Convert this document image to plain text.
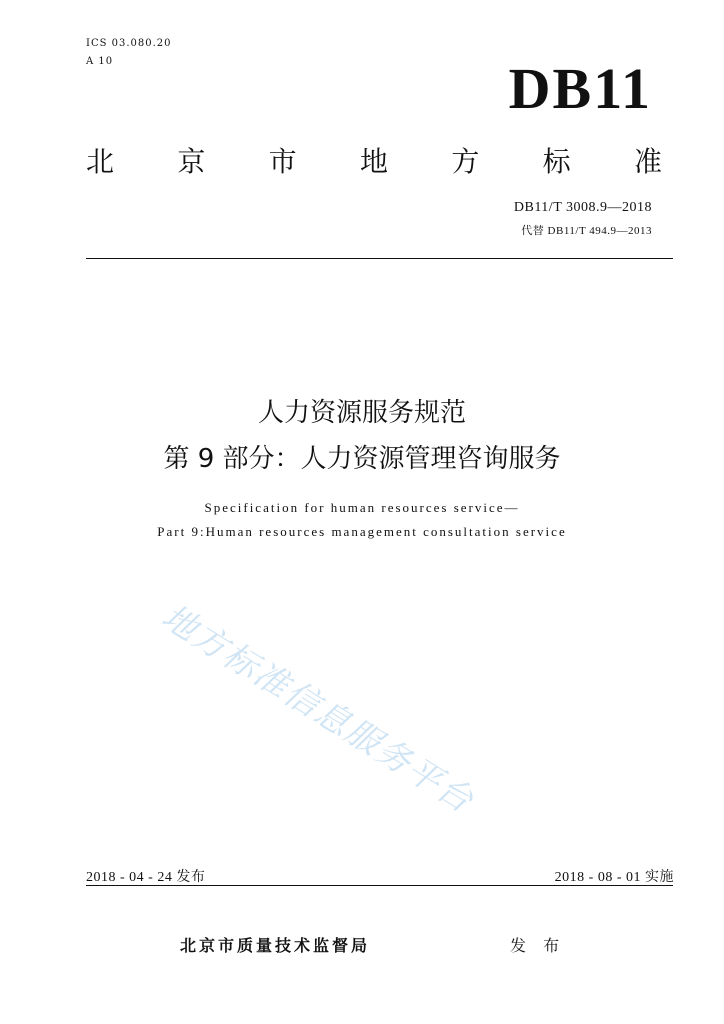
ICS 03.080.20
A 10	DB11
北 京 市 地 方 标 准
DB11/T 3008.9—2018
代替 DB11/T 494.9—2013
人力资源服务规范
第 9 部分：人力资源管理咨询服务
Specification for human resources service—
Part 9:Human resources management consultation service
地方标准信息服务平台
2018 - 04 - 24 发布	2018 - 08 - 01 实施
北京市质量技术监督局	发 布
